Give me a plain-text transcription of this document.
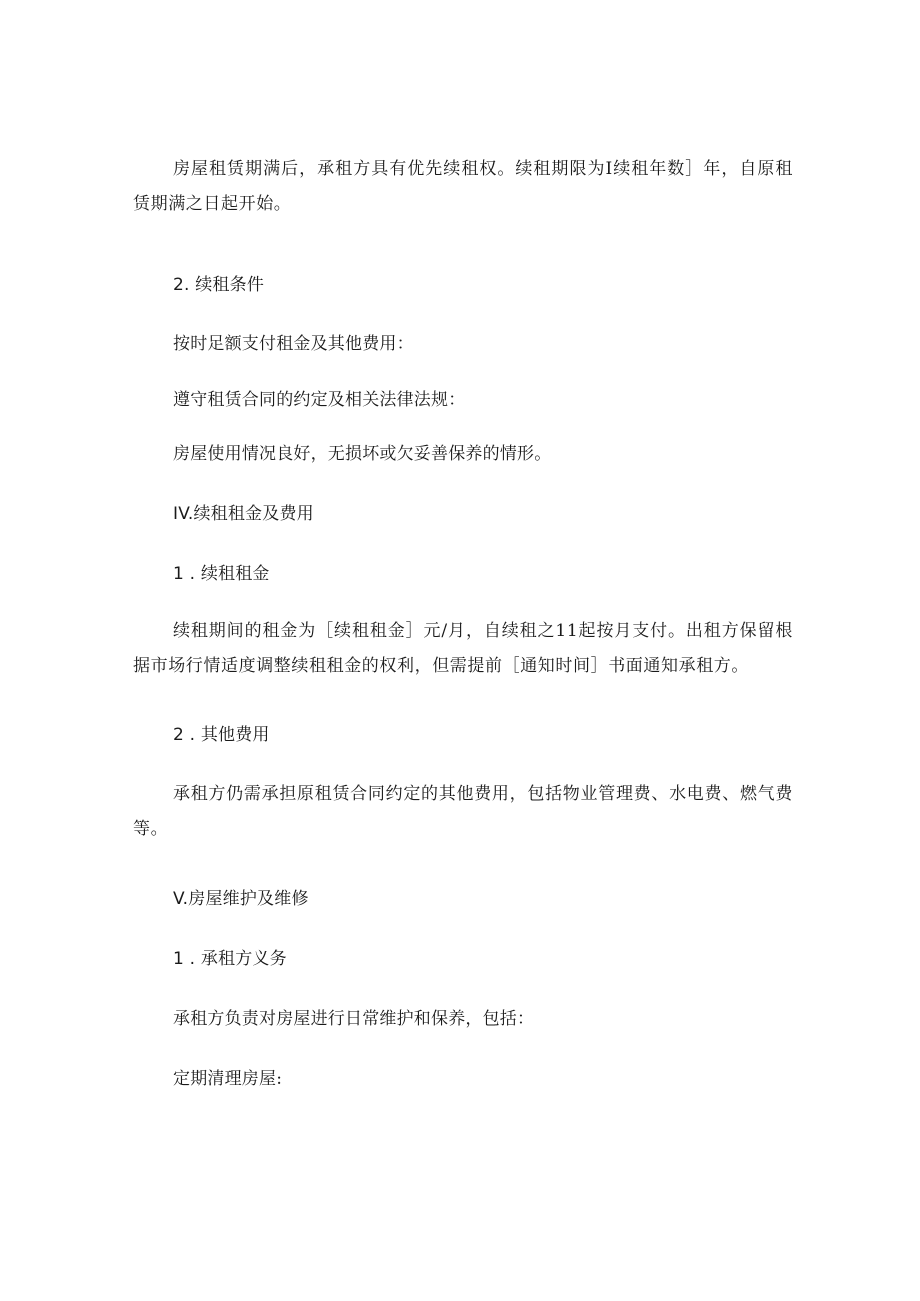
房屋租赁期满后，承租方具有优先续租权。续租期限为I续租年数］年，自原租赁期满之日起开始。

2. 续租条件
按时足额支付租金及其他费用：
遵守租赁合同的约定及相关法律法规：
房屋使用情况良好，无损坏或欠妥善保养的情形。
IV.续租租金及费用
1 . 续租租金

续租期间的租金为［续租租金］元/月，自续租之11起按月支付。出租方保留根据市场行情适度调整续租租金的权利，但需提前［通知时间］书面通知承租方。

2 . 其他费用

承租方仍需承担原租赁合同约定的其他费用，包括物业管理费、水电费、燃气费等。

V.房屋维护及维修
1 . 承租方义务
承租方负责对房屋进行日常维护和保养，包括：
定期清理房屋:
